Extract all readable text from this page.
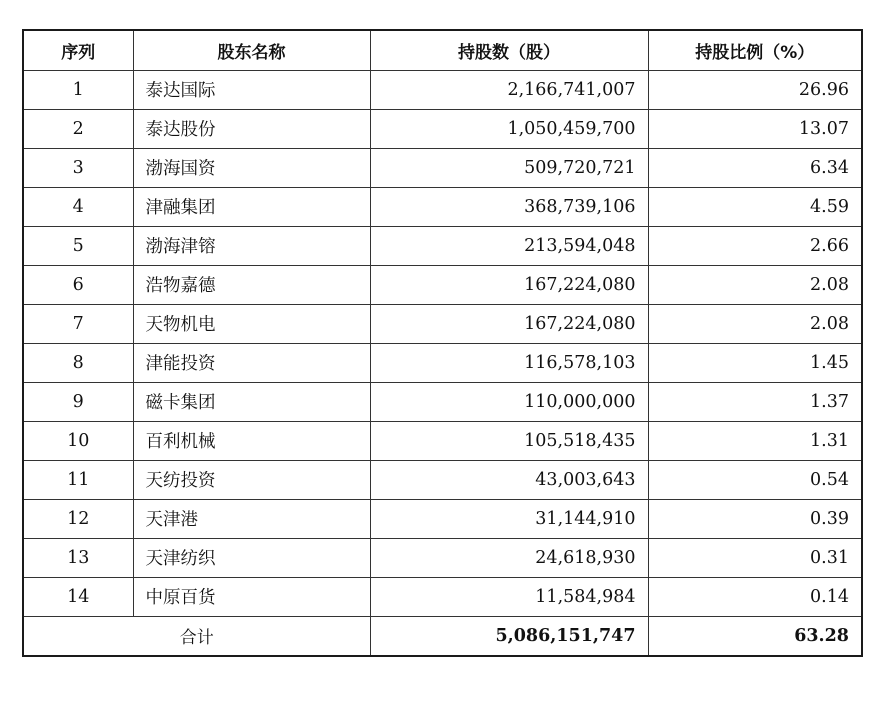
序列	股东名称	持股数（股）	持股比例（%）
1	泰达国际	2,166,741,007	26.96
2	泰达股份	1,050,459,700	13.07
3	渤海国资	509,720,721	6.34
4	津融集团	368,739,106	4.59
5	渤海津镕	213,594,048	2.66
6	浩物嘉德	167,224,080	2.08
7	天物机电	167,224,080	2.08
8	津能投资	116,578,103	1.45
9	磁卡集团	110,000,000	1.37
10	百利机械	105,518,435	1.31
11	天纺投资	43,003,643	0.54
12	天津港	31,144,910	0.39
13	天津纺织	24,618,930	0.31
14	中原百货	11,584,984	0.14
合计		5,086,151,747	63.28
